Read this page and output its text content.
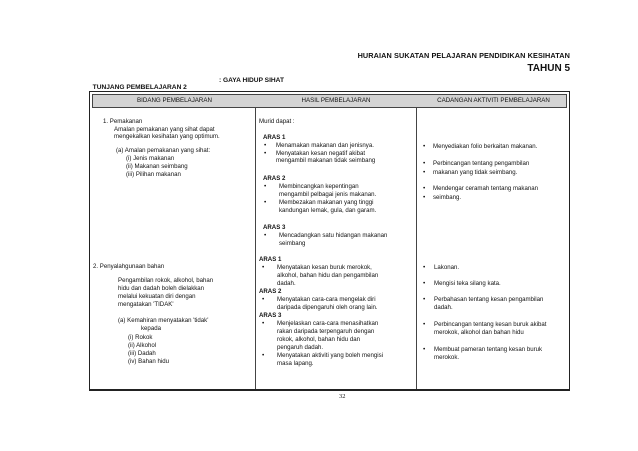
HURAIAN SUKATAN PELAJARAN PENDIDIKAN KESIHATAN
TAHUN 5

TUNJANG PEMBELAJARAN 2

: GAYA HIDUP SIHAT

BIDANG PEMBELAJARAN	HASIL PEMBELAJARAN	CADANGAN AKTIVITI PEMBELAJARAN
1. Pemakanan
Amalan pemakanan yang sihat dapat
mengekalkan kesihatan yang optimum.
(a) Amalan pemakanan yang sihat:
(i) Jenis makanan
(ii) Makanan seimbang
(iii) Pilihan makanan
2. Penyalahgunaan bahan
Pengambilan rokok, alkohol, bahan
hidu dan dadah boleh dielakkan
melalui kekuatan diri dengan
mengatakan 'TIDAK'
(a) Kemahiran menyatakan 'tidak'
kepada
(i) Rokok
(ii) Alkohol
(iii) Dadah
(iv) Bahan hidu
Murid dapat :
ARAS 1
• Menamakan makanan dan jenisnya.
• Menyatakan kesan negatif akibat
mengambil makanan tidak seimbang
ARAS 2
• Membincangkan kepentingan
mengambil pelbagai jenis makanan.
• Membezakan makanan yang tinggi
kandungan lemak, gula, dan garam.
ARAS 3
• Mencadangkan satu hidangan makanan
seimbang
ARAS 1
• Menyatakan kesan buruk merokok,
alkohol, bahan hidu dan pengambilan
dadah.
ARAS 2
• Menyatakan cara-cara mengelak diri
daripada dipengaruhi oleh orang lain.
ARAS 3
• Menjelaskan cara-cara menasihatkan
rakan daripada terpengaruh dengan
rokok, alkohol, bahan hidu dan
pengaruh dadah.
• Menyatakan aktiviti yang boleh mengisi
masa lapang.
• Menyediakan folio berkaitan makanan.
• Perbincangan tentang pengambilan
• makanan yang tidak seimbang.
• Mendengar ceramah tentang makanan
• seimbang.
• Lakonan.
• Mengisi teka silang kata.
• Perbahasan tentang kesan pengambilan
dadah.
• Perbincangan tentang kesan buruk akibat
merokok, alkohol dan bahan hidu
• Membuat pameran tentang kesan buruk
merokok.
32
